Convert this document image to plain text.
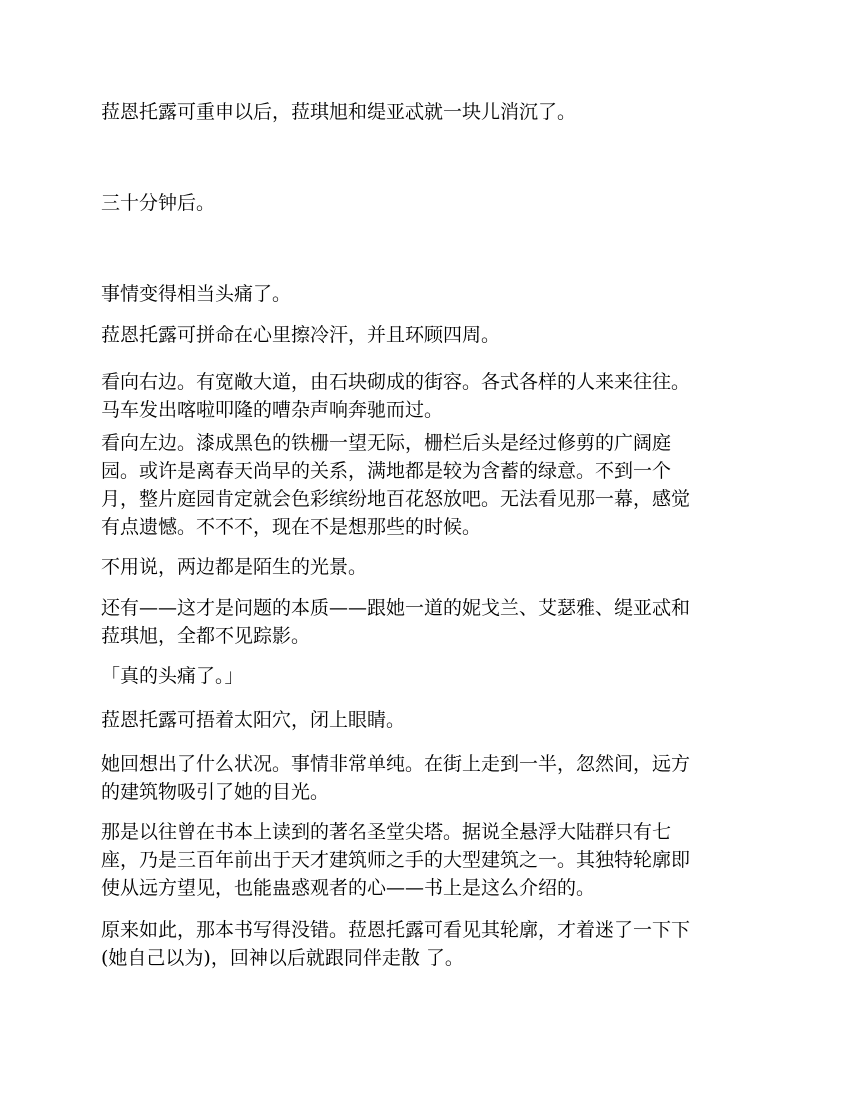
菈恩托露可重申以后，菈琪旭和缇亚忒就一块儿消沉了。

三十分钟后。

事情变得相当头痛了。

菈恩托露可拼命在心里擦冷汗，并且环顾四周。

看向右边。有宽敞大道，由石块砌成的街容。各式各样的人来来往往。
马车发出喀啦叩隆的嘈杂声响奔驰而过。

看向左边。漆成黑色的铁栅一望无际，栅栏后头是经过修剪的广阔庭
园。或许是离春天尚早的关系，满地都是较为含蓄的绿意。不到一个
月，整片庭园肯定就会色彩缤纷地百花怒放吧。无法看见那一幕，感觉
有点遗憾。不不不，现在不是想那些的时候。

不用说，两边都是陌生的光景。

还有——这才是问题的本质——跟她一道的妮戈兰、艾瑟雅、缇亚忒和
菈琪旭，全都不见踪影。

「真的头痛了。」

菈恩托露可捂着太阳穴，闭上眼睛。

她回想出了什么状况。事情非常单纯。在街上走到一半，忽然间，远方
的建筑物吸引了她的目光。

那是以往曾在书本上读到的著名圣堂尖塔。据说全悬浮大陆群只有七
座，乃是三百年前出于天才建筑师之手的大型建筑之一。其独特轮廓即
使从远方望见，也能蛊惑观者的心——书上是这么介绍的。

原来如此，那本书写得没错。菈恩托露可看见其轮廓，才着迷了一下下
(她自己以为)，回神以后就跟同伴走散 了。
